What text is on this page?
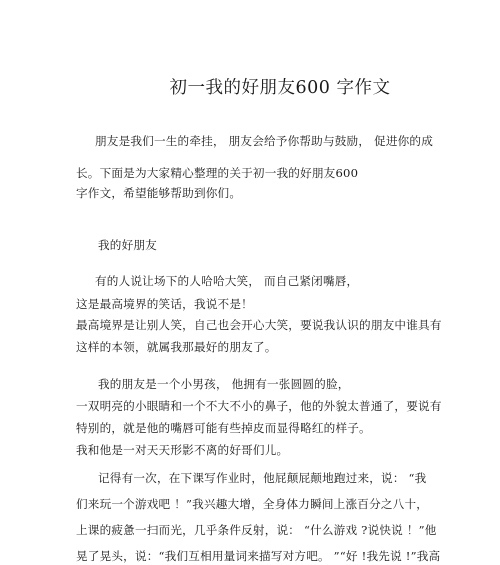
初一我的好朋友600 字作文
朋友是我们一生的牵挂， 朋友会给予你帮助与鼓励， 促进你的成
长。下面是为大家精心整理的关于初一我的好朋友600
字作文，希望能够帮助到你们。
我的好朋友
有的人说让场下的人哈哈大笑， 而自己紧闭嘴唇，
这是最高境界的笑话，我说不是！
最高境界是让别人笑，自己也会开心大笑，要说我认识的朋友中谁具有
这样的本领，就属我那最好的朋友了。
我的朋友是一个小男孩， 他拥有一张圆圆的脸，
一双明亮的小眼睛和一个不大不小的鼻子，他的外貌太普通了，要说有
特别的，就是他的嘴唇可能有些掉皮而显得略红的样子。
我和他是一对天天形影不离的好哥们儿。
记得有一次，在下课写作业时，他屁颠屁颠地跑过来，说： “我
们来玩一个游戏吧 ！”我兴趣大增，全身体力瞬间上涨百分之八十，
上课的疲惫一扫而光，几乎条件反射，说： “什么游戏 ?说快说 ！”他
晃了晃头，说：“我们互相用量词来描写对方吧。 ”“好 !我先说 !”我高
